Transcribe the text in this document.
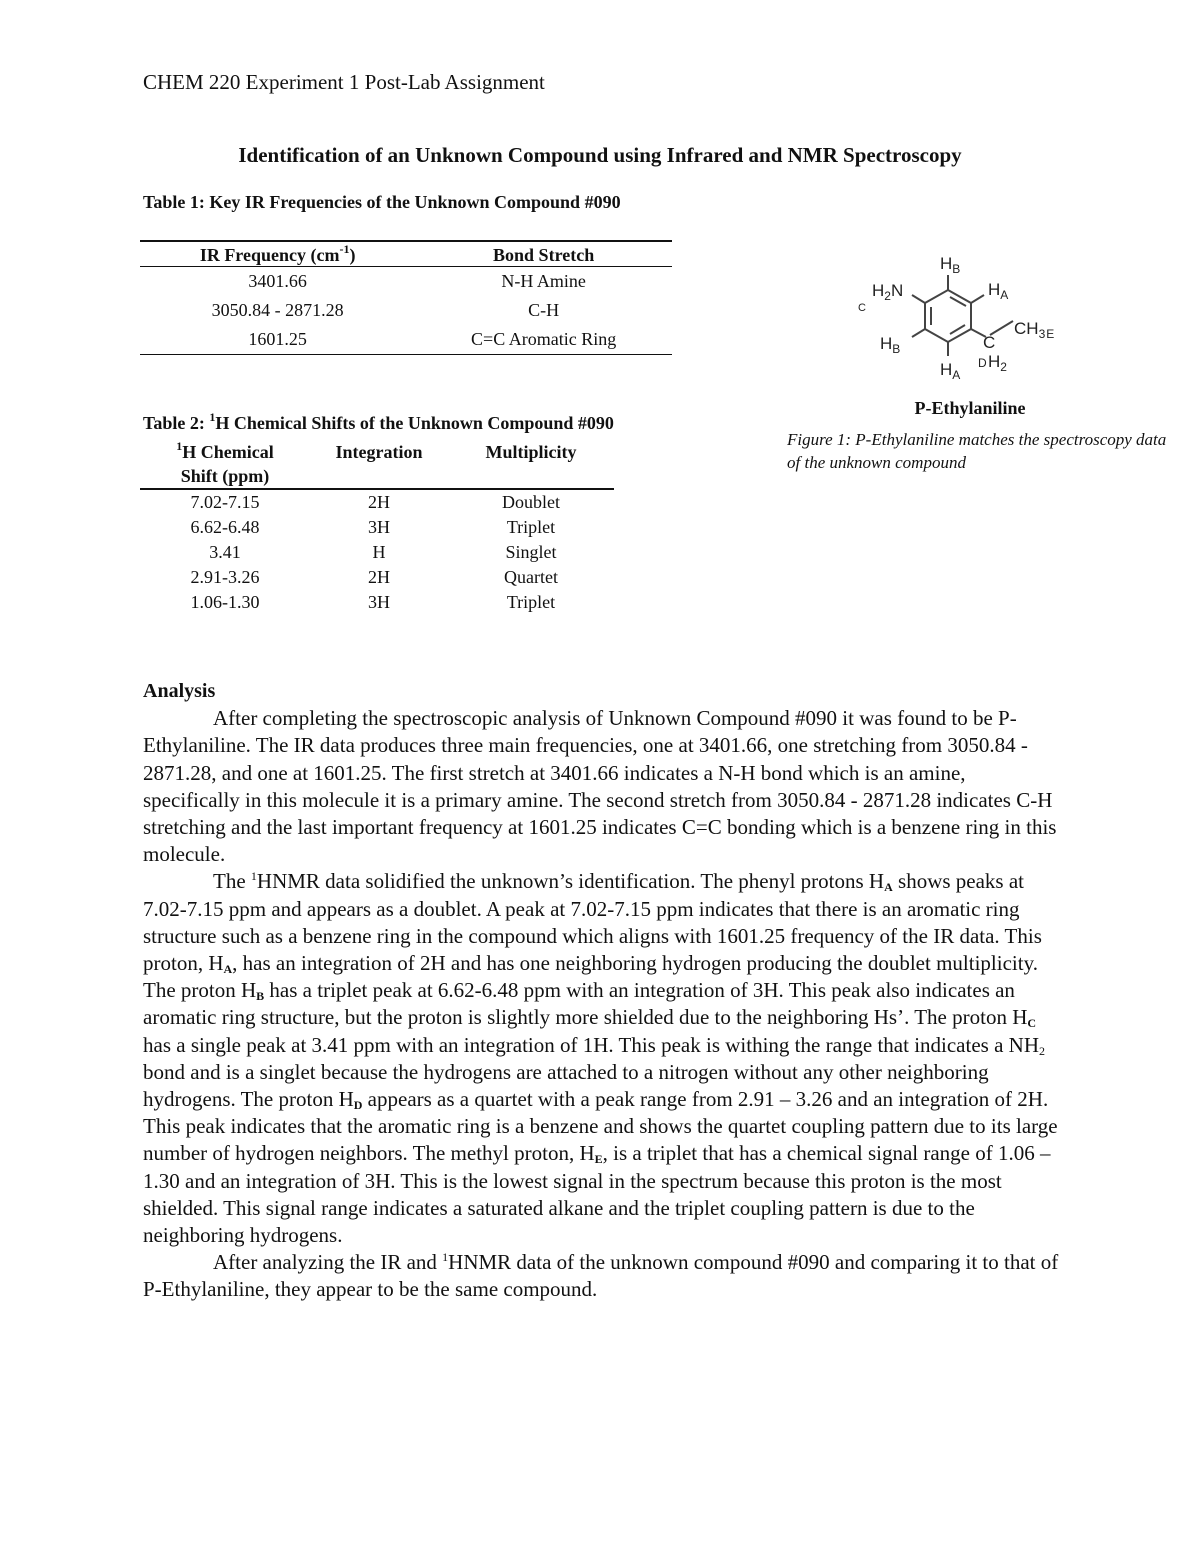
CHEM 220 Experiment 1 Post-Lab Assignment
Identification of an Unknown Compound using Infrared and NMR Spectroscopy
Table 1: Key IR Frequencies of the Unknown Compound #090
IR Frequency $(cm^{-1})$	Bond Stretch
3401.66	N-H Amine
3050.84 - 2871.28	C-H
1601.25	C=C Aromatic Ring
Table 2: $^1$H Chemical Shifts of the Unknown Compound #090
$^1$H Chemical
Shift (ppm)	Integration	Multiplicity
7.02-7.15	2H	Doublet
6.62-6.48	3H	Triplet
3.41	H	Singlet
2.91-3.26	2H	Quartet
1.06-1.30	3H	Triplet
$H_B$
$H_A$
$H_2N$
C
$CH_3E$
$H_B$	C
D $H_2$
$H_A$
P-Ethylaniline
Figure 1: P-Ethylaniline matches the spectroscopy data of the unknown compound
Analysis

After completing the spectroscopic analysis of Unknown Compound #090 it was found to be P-Ethylaniline. The IR data produces three main frequencies, one at 3401.66, one stretching from 3050.84 - 2871.28, and one at 1601.25. The first stretch at 3401.66 indicates a N-H bond which is an amine, specifically in this molecule it is a primary amine. The second stretch from 3050.84 - 2871.28 indicates C-H stretching and the last important frequency at 1601.25 indicates C=C bonding which is a benzene ring in this molecule.

The $^1$HNMR data solidified the unknown’s identification. The phenyl protons $H_A$ shows peaks at 7.02-7.15 ppm and appears as a doublet. A peak at 7.02-7.15 ppm indicates that there is an aromatic ring structure such as a benzene ring in the compound which aligns with 1601.25 frequency of the IR data. This proton, $H_A$, has an integration of 2H and has one neighboring hydrogen producing the doublet multiplicity. The proton $H_B$ has a triplet peak at 6.62-6.48 ppm with an integration of 3H. This peak also indicates an aromatic ring structure, but the proton is slightly more shielded due to the neighboring Hs’. The proton $H_C$ has a single peak at 3.41 ppm with an integration of 1H. This peak is withing the range that indicates a $NH_2$ bond and is a singlet because the hydrogens are attached to a nitrogen without any other neighboring hydrogens. The proton $H_D$ appears as a quartet with a peak range from 2.91 – 3.26 and an integration of 2H. This peak indicates that the aromatic ring is a benzene and shows the quartet coupling pattern due to its large number of hydrogen neighbors. The methyl proton, $H_E$, is a triplet that has a chemical signal range of 1.06 – 1.30 and an integration of 3H. This is the lowest signal in the spectrum because this proton is the most shielded. This signal range indicates a saturated alkane and the triplet coupling pattern is due to the neighboring hydrogens.

After analyzing the IR and $^1$HNMR data of the unknown compound #090 and comparing it to that of P-Ethylaniline, they appear to be the same compound.
